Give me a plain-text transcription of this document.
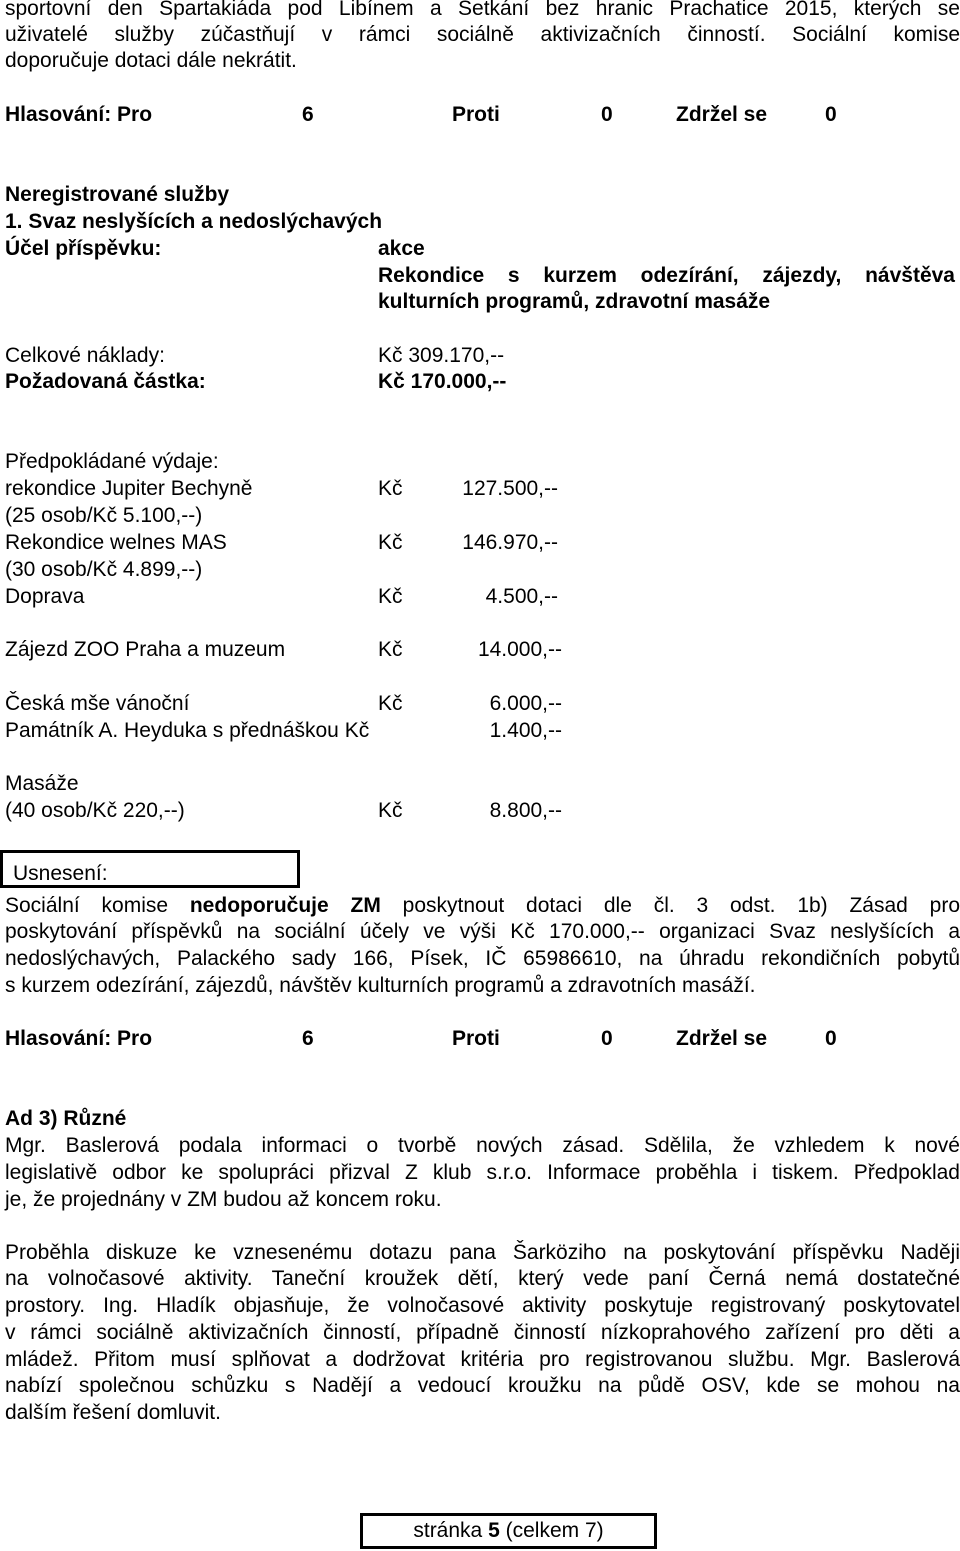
sportovní den Spartakiáda pod Libínem a Setkání bez hranic Prachatice 2015, kterých se
uživatelé služby zúčastňují v rámci sociálně aktivizačních činností. Sociální komise
doporučuje dotaci dále nekrátit.
Hlasování: Pro	6	Proti	0	Zdržel se	0
Neregistrované služby
1. Svaz neslyšících a nedoslýchavých
Účel příspěvku:	akce
Rekondice s kurzem odezírání, zájezdy, návštěva
kulturních programů, zdravotní masáže
Celkové náklady:	Kč 309.170,--
Požadovaná částka:	Kč 170.000,--
Předpokládané výdaje:
rekondice Jupiter Bechyně	Kč	127.500,--
(25 osob/Kč 5.100,--)
Rekondice welnes MAS	Kč	146.970,--
(30 osob/Kč 4.899,--)
Doprava	Kč	4.500,--
Zájezd ZOO Praha a muzeum	Kč	14.000,--
Česká mše vánoční	Kč	6.000,--
Památník A. Heyduka s přednáškou Kč	1.400,--
Masáže
(40 osob/Kč 220,--)	Kč	8.800,--
Usnesení:
Sociální komise nedoporučuje ZM poskytnout dotaci dle čl. 3 odst. 1b) Zásad pro
poskytování příspěvků na sociální účely ve výši Kč 170.000,-- organizaci Svaz neslyšících a
nedoslýchavých, Palackého sady 166, Písek, IČ 65986610, na úhradu rekondičních pobytů
s kurzem odezírání, zájezdů, návštěv kulturních programů a zdravotních masáží.
Hlasování: Pro	6	Proti	0	Zdržel se	0
Ad 3) Různé
Mgr. Baslerová podala informaci o tvorbě nových zásad. Sdělila, že vzhledem k nové
legislativě odbor ke spolupráci přizval Z klub s.r.o. Informace proběhla i tiskem. Předpoklad
je, že projednány v ZM budou až koncem roku.
Proběhla diskuze ke vznesenému dotazu pana Šarköziho na poskytování příspěvku Naději
na volnočasové aktivity. Taneční kroužek dětí, který vede paní Černá nemá dostatečné
prostory. Ing. Hladík objasňuje, že volnočasové aktivity poskytuje registrovaný poskytovatel
v rámci sociálně aktivizačních činností, případně činností nízkoprahového zařízení pro děti a
mládež. Přitom musí splňovat a dodržovat kritéria pro registrovanou službu. Mgr. Baslerová
nabízí společnou schůzku s Nadějí a vedoucí kroužku na půdě OSV, kde se mohou na
dalším řešení domluvit.
stránka 5 (celkem 7)
